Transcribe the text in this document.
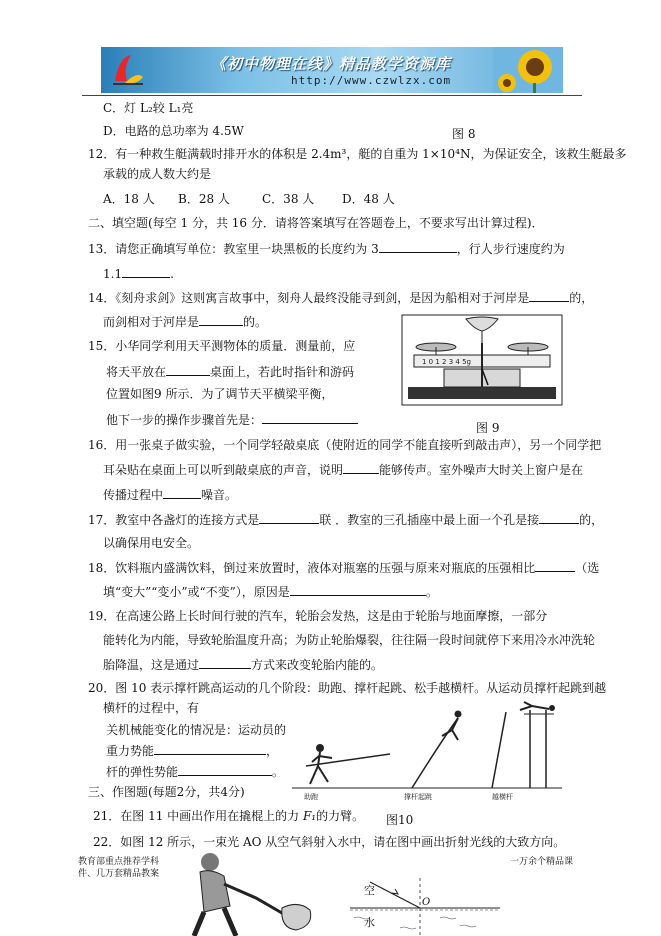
《初中物理在线》精品教学资源库
http://www.czwlzx.com
C．灯 L₂较 L₁亮
D．电路的总功率为 4.5W	图 8
12．有一种救生艇满载时排开水的体积是 2.4m³，艇的自重为 1×10⁴N，为保证安全，该救生艇最多
承载的成人数大约是
A．18 人 B．28 人	C．38 人 D．48 人
二、填空题(每空 1 分，共 16 分．请将答案填写在答题卷上，不要求写出计算过程)．
13．请您正确填写单位：教室里一块黑板的长度约为 3	，行人步行速度约为
1.1	.
14．《刻舟求剑》这则寓言故事中，刻舟人最终没能寻到剑，是因为船相对于河岸是	的，
而剑相对于河岸是	的。
15．小华同学利用天平测物体的质量．测量前，应
将天平放在	桌面上，若此时指针和游码
位置如图9 所示．为了调节天平横梁平衡，
他下一步的操作步骤首先是：
1 0 1 2 3 4 5g
图 9
16．用一张桌子做实验，一个同学轻敲桌底（使附近的同学不能直接听到敲击声），另一个同学把
耳朵贴在桌面上可以听到敲桌底的声音，说明	能够传声。室外噪声大时关上窗户是在
传播过程中	噪音。
17．教室中各盏灯的连接方式是	联 ．教室的三孔插座中最上面一个孔是接	的，
以确保用电安全。
18．饮料瓶内盛满饮料，倒过来放置时，液体对瓶塞的压强与原来对瓶底的压强相比	（选
填“变大”“变小”或“不变”），原因是	。
19．在高速公路上长时间行驶的汽车，轮胎会发热，这是由于轮胎与地面摩擦，一部分
能转化为内能，导致轮胎温度升高；为防止轮胎爆裂，往往隔一段时间就停下来用冷水冲洗轮
胎降温，这是通过	方式来改变轮胎内能的。
20．图 10 表示撑杆跳高运动的几个阶段：助跑、撑杆起跳、松手越横杆。从运动员撑杆起跳到越
横杆的过程中，有
关机械能变化的情况是：运动员的
重力势能	，
杆的弹性势能	。
助跑	撑杆起跳	越横杆
三、作图题(每题2分，共4分)
21．在图 11 中画出作用在撬棍上的力 F₁的力臂。 图10
22．如图 12 所示，一束光 AO 从空气斜射入水中，请在图中画出折射光线的大致方向。
空
水
O
教育部重点推荐学科
件、几万套精品教案
一万余个精品课
